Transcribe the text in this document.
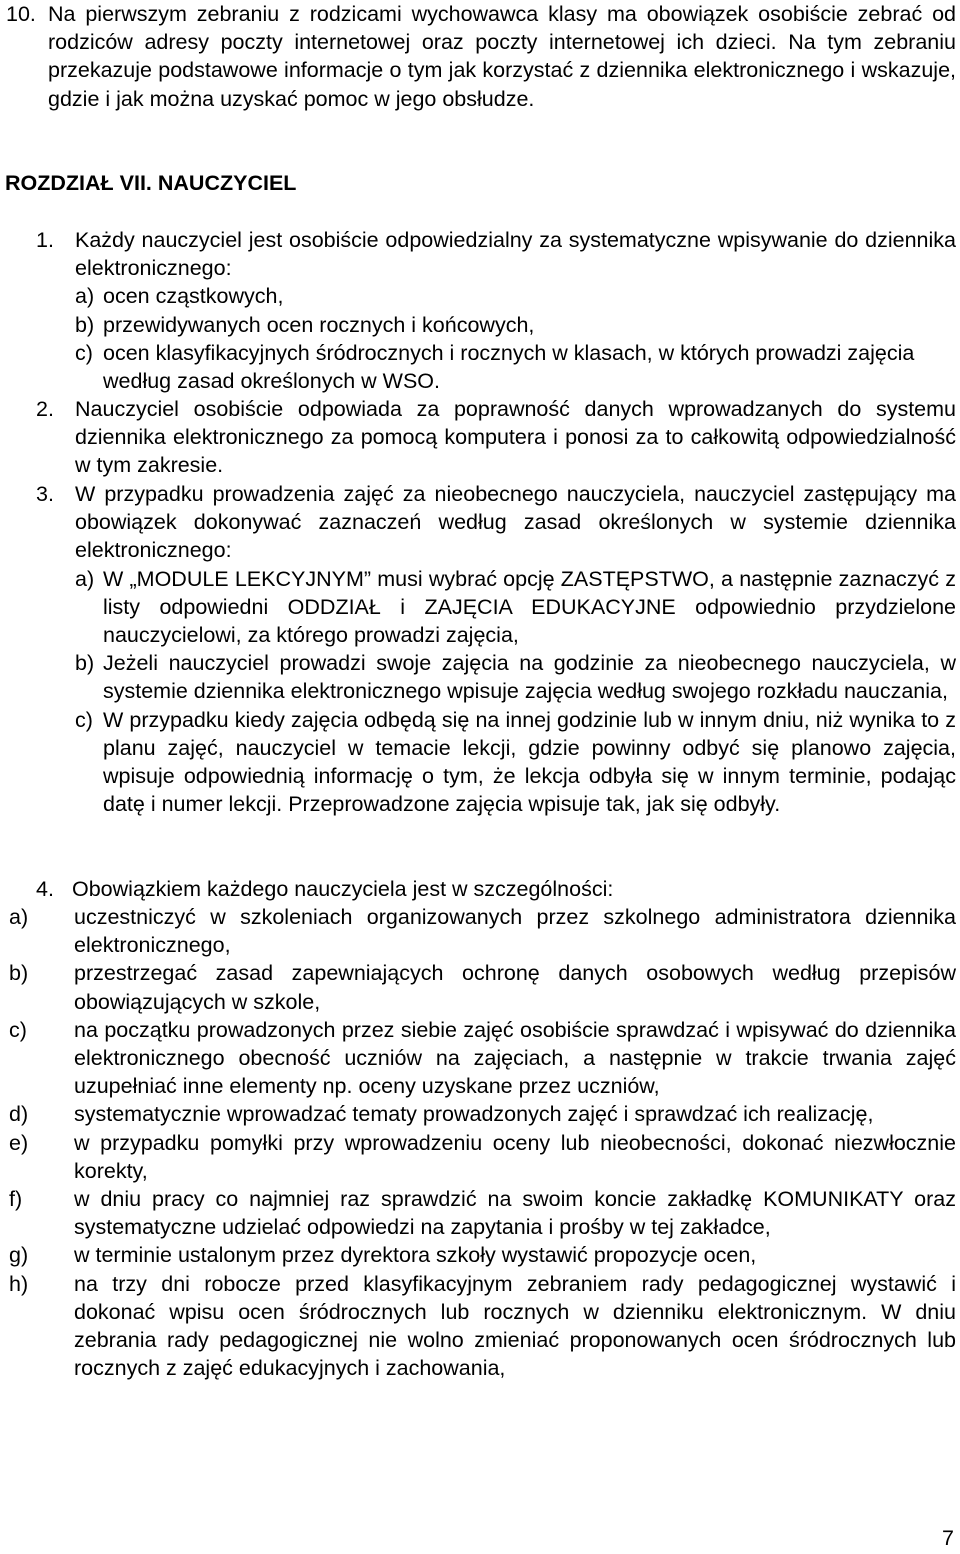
10. Na pierwszym zebraniu z rodzicami wychowawca klasy ma obowiązek osobiście zebrać od rodziców adresy poczty internetowej oraz poczty internetowej ich dzieci. Na tym zebraniu przekazuje podstawowe informacje o tym jak korzystać z dziennika elektronicznego i wskazuje, gdzie i jak można uzyskać pomoc w jego obsłudze.

ROZDZIAŁ VII. NAUCZYCIEL
1. Każdy nauczyciel jest osobiście odpowiedzialny za systematyczne wpisywanie do dziennika elektronicznego:

a) ocen cząstkowych,

b) przewidywanych ocen rocznych i końcowych,

c) ocen klasyfikacyjnych śródrocznych i rocznych w klasach, w których prowadzi zajęcia według zasad określonych w WSO.

2. Nauczyciel osobiście odpowiada za poprawność danych wprowadzanych do systemu dziennika elektronicznego za pomocą komputera i ponosi za to całkowitą odpowiedzialność w tym zakresie.

3. W przypadku prowadzenia zajęć za nieobecnego nauczyciela, nauczyciel zastępujący ma obowiązek dokonywać zaznaczeń według zasad określonych w systemie dziennika elektronicznego:

a) W „MODULE LEKCYJNYM” musi wybrać opcję ZASTĘPSTWO, a następnie zaznaczyć z listy odpowiedni ODDZIAŁ i ZAJĘCIA EDUKACYJNE odpowiednio przydzielone nauczycielowi, za którego prowadzi zajęcia,

b) Jeżeli nauczyciel prowadzi swoje zajęcia na godzinie za nieobecnego nauczyciela, w systemie dziennika elektronicznego wpisuje zajęcia według swojego rozkładu nauczania,

c) W przypadku kiedy zajęcia odbędą się na innej godzinie lub w innym dniu, niż wynika to z planu zajęć, nauczyciel w temacie lekcji, gdzie powinny odbyć się planowo zajęcia, wpisuje odpowiednią informację o tym, że lekcja odbyła się w innym terminie, podając datę i numer lekcji. Przeprowadzone zajęcia wpisuje tak, jak się odbyły.

4. Obowiązkiem każdego nauczyciela jest w szczególności:

a)	uczestniczyć w szkoleniach organizowanych przez szkolnego administratora dziennika elektronicznego,

b)	przestrzegać zasad zapewniających ochronę danych osobowych według przepisów obowiązujących w szkole,

c)	na początku prowadzonych przez siebie zajęć osobiście sprawdzać i wpisywać do dziennika elektronicznego obecność uczniów na zajęciach, a następnie w trakcie trwania zajęć uzupełniać inne elementy np. oceny uzyskane przez uczniów,

d)	systematycznie wprowadzać tematy prowadzonych zajęć i sprawdzać ich realizację,

e)	w przypadku pomyłki przy wprowadzeniu oceny lub nieobecności, dokonać niezwłocznie korekty,

f)	w dniu pracy co najmniej raz sprawdzić na swoim koncie zakładkę KOMUNIKATY oraz systematyczne udzielać odpowiedzi na zapytania i prośby w tej zakładce,

g)	w terminie ustalonym przez dyrektora szkoły wystawić propozycje ocen,

h)	na trzy dni robocze przed klasyfikacyjnym zebraniem rady pedagogicznej wystawić i dokonać wpisu ocen śródrocznych lub rocznych w dzienniku elektronicznym. W dniu zebrania rady pedagogicznej nie wolno zmieniać proponowanych ocen śródrocznych lub rocznych z zajęć edukacyjnych i zachowania,

7
